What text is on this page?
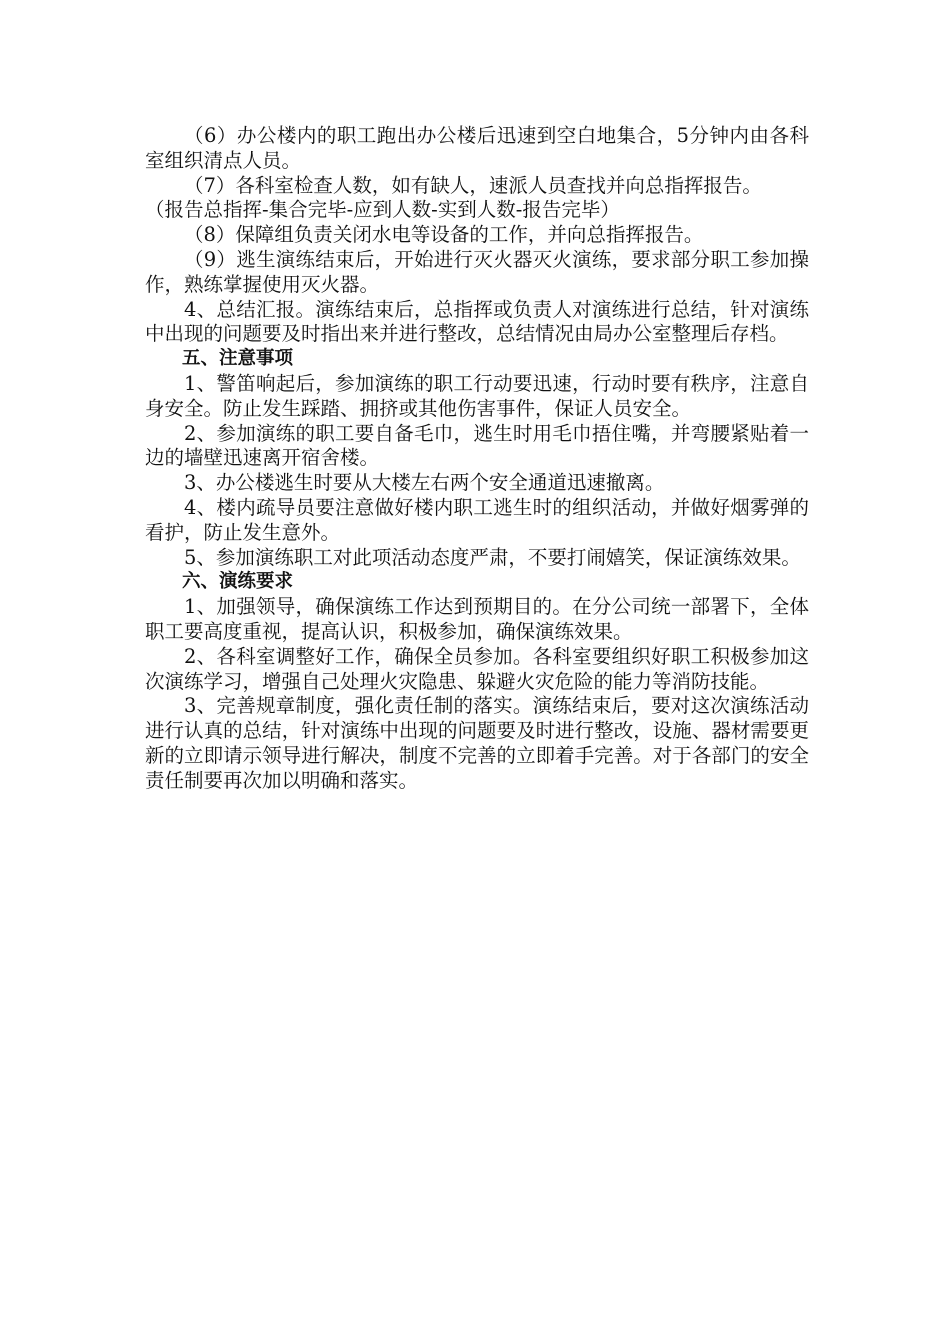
（6）办公楼内的职工跑出办公楼后迅速到空白地集合，5分钟内由各科室组织清点人员。

（7）各科室检查人数，如有缺人，速派人员查找并向总指挥报告。

（报告总指挥-集合完毕-应到人数-实到人数-报告完毕）

（8）保障组负责关闭水电等设备的工作，并向总指挥报告。

（9）逃生演练结束后，开始进行灭火器灭火演练，要求部分职工参加操作，熟练掌握使用灭火器。

4、总结汇报。演练结束后，总指挥或负责人对演练进行总结，针对演练中出现的问题要及时指出来并进行整改，总结情况由局办公室整理后存档。

五、注意事项

1、警笛响起后，参加演练的职工行动要迅速，行动时要有秩序，注意自身安全。防止发生踩踏、拥挤或其他伤害事件，保证人员安全。

2、参加演练的职工要自备毛巾，逃生时用毛巾捂住嘴，并弯腰紧贴着一边的墙壁迅速离开宿舍楼。

3、办公楼逃生时要从大楼左右两个安全通道迅速撤离。

4、楼内疏导员要注意做好楼内职工逃生时的组织活动，并做好烟雾弹的看护，防止发生意外。

5、参加演练职工对此项活动态度严肃，不要打闹嬉笑，保证演练效果。

六、演练要求

1、加强领导，确保演练工作达到预期目的。在分公司统一部署下，全体职工要高度重视，提高认识，积极参加，确保演练效果。

2、各科室调整好工作，确保全员参加。各科室要组织好职工积极参加这次演练学习，增强自己处理火灾隐患、躲避火灾危险的能力等消防技能。

3、完善规章制度，强化责任制的落实。演练结束后，要对这次演练活动进行认真的总结，针对演练中出现的问题要及时进行整改，设施、器材需要更新的立即请示领导进行解决，制度不完善的立即着手完善。对于各部门的安全责任制要再次加以明确和落实。
